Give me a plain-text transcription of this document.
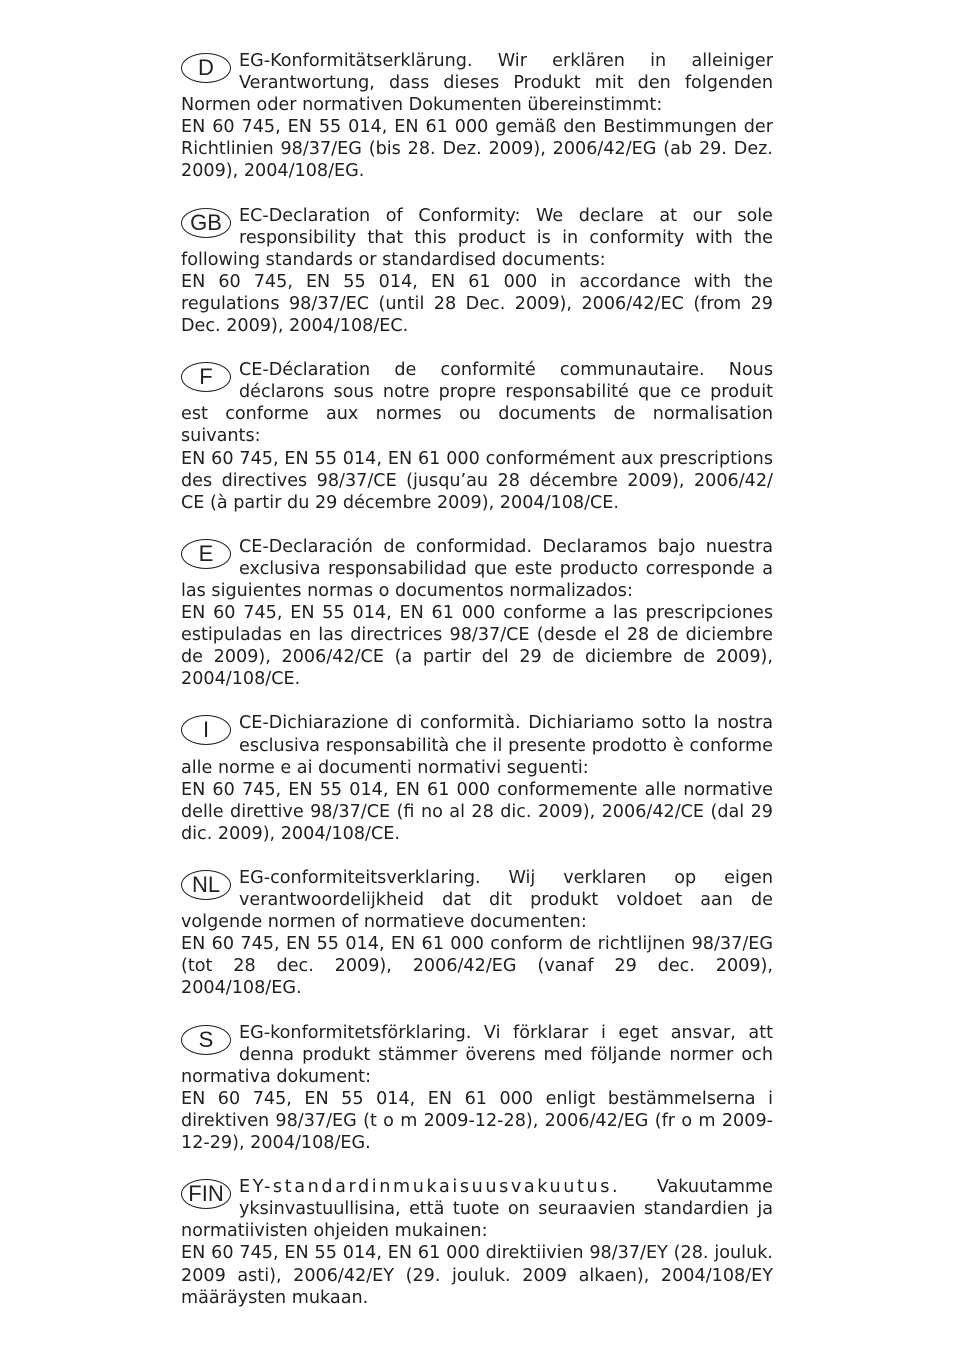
D	EG-Konformitätserklärung. Wir erklären in alleiniger Verantwortung, dass dieses Produkt mit den folgenden Normen oder normativen Dokumenten übereinstimmt:

EN 60 745, EN 55 014, EN 61 000 gemäß den Bestimmungen der Richtlinien 98/37/EG (bis 28. Dez. 2009), 2006/42/EG (ab 29. Dez. 2009), 2004/108/EG.

GB EC-Declaration of Conformity: We declare at our sole responsibility that this product is in conformity with the following standards or standardised documents:

EN 60 745, EN 55 014, EN 61 000 in accordance with the regulations 98/37/EC (until 28 Dec. 2009), 2006/42/EC (from 29 Dec. 2009), 2004/108/EC.

F	CE-Déclaration de conformité communautaire. Nous déclarons sous notre propre responsabilité que ce produit est conforme aux normes ou documents de normalisation suivants:

EN 60 745, EN 55 014, EN 61 000 conformément aux prescriptions des directives 98/37/CE (jusqu’au 28 décembre 2009), 2006/42/ CE (à partir du 29 décembre 2009), 2004/108/CE.

E	CE-Declaración de conformidad. Declaramos bajo nuestra exclusiva responsabilidad que este producto corresponde a las siguientes normas o documentos normalizados:

EN 60 745, EN 55 014, EN 61 000 conforme a las prescripciones estipuladas en las directrices 98/37/CE (desde el 28 de diciembre de 2009), 2006/42/CE (a partir del 29 de diciembre de 2009), 2004/108/CE.

I	CE-Dichiarazione di conformità. Dichiariamo sotto la nostra esclusiva responsabilità che il presente prodotto è conforme alle norme e ai documenti normativi seguenti:

EN 60 745, EN 55 014, EN 61 000 conformemente alle normative delle direttive 98/37/CE (fi no al 28 dic. 2009), 2006/42/CE (dal 29 dic. 2009), 2004/108/CE.

NL	EG-conformiteitsverklaring. Wij verklaren op eigen verantwoordelijkheid dat dit produkt voldoet aan de volgende normen of normatieve documenten:

EN 60 745, EN 55 014, EN 61 000 conform de richtlijnen 98/37/EG (tot 28 dec. 2009), 2006/42/EG (vanaf 29 dec. 2009), 2004/108/EG.

S	EG-konformitetsförklaring. Vi förklarar i eget ansvar, att denna produkt stämmer överens med följande normer och normativa dokument:

EN 60 745, EN 55 014, EN 61 000 enligt bestämmelserna i direktiven 98/37/EG (t o m 2009-12-28), 2006/42/EG (fr o m 2009-12-29), 2004/108/EG.

FIN EY-standardinmukaisuusvakuutus. Vakuutamme yksinvastuullisina, että tuote on seuraavien standardien ja normatiivisten ohjeiden mukainen:

EN 60 745, EN 55 014, EN 61 000 direktiivien 98/37/EY (28. jouluk. 2009 asti), 2006/42/EY (29. jouluk. 2009 alkaen), 2004/108/EY määräysten mukaan.
